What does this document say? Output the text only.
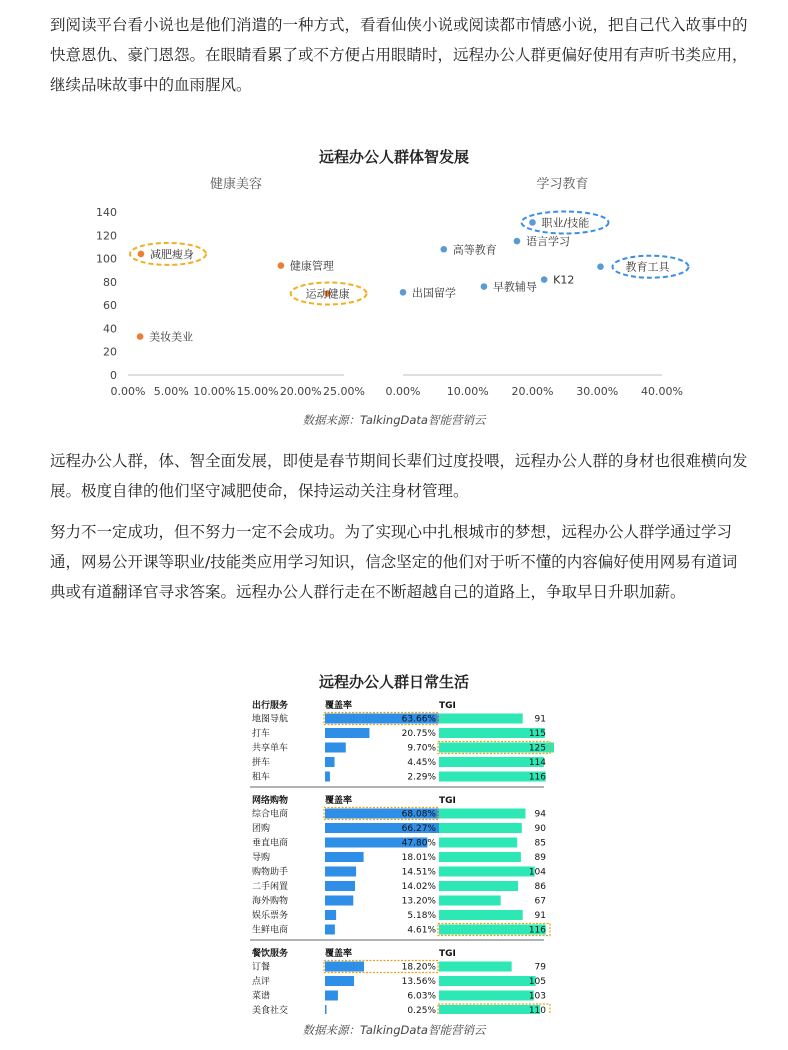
到阅读平台看小说也是他们消遣的一种方式，看看仙侠小说或阅读都市情感小说，把自己代入故事中的快意恩仇、豪门恩怨。在眼睛看累了或不方便占用眼睛时，远程办公人群更偏好使用有声听书类应用，继续品味故事中的血雨腥风。

远程办公人群体智发展
0
20
40
60
80
100
120
140
健康美容
0.00% 5.00% 10.00% 15.00% 20.00% 25.00%
减肥瘦身
健康管理
运动健康
美妆美业
学习教育
0.00% 10.00% 20.00% 30.00% 40.00%
职业/技能
语言学习
高等教育
教育工具
K12
早教辅导
出国留学
数据来源：TalkingData智能营销云

远程办公人群，体、智全面发展，即使是春节期间长辈们过度投喂，远程办公人群的身材也很难横向发展。极度自律的他们坚守减肥使命，保持运动关注身材管理。

努力不一定成功，但不努力一定不会成功。为了实现心中扎根城市的梦想，远程办公人群学通过学习通，网易公开课等职业/技能类应用学习知识，信念坚定的他们对于听不懂的内容偏好使用网易有道词典或有道翻译官寻求答案。远程办公人群行走在不断超越自己的道路上，争取早日升职加薪。

远程办公人群日常生活
出行服务	覆盖率	TGI
地图导航	63.66%	91
打车	20.75%	115
共享单车	9.70%	125
拼车	4.45%	114
租车	2.29%	116
网络购物	覆盖率	TGI
综合电商	68.08%	94
团购	66.27%	90
垂直电商	47.80%	85
导购	18.01%	89
购物助手	14.51%	104
二手闲置	14.02%	86
海外购物	13.20%	67
娱乐票务	5.18%	91
生鲜电商	4.61%	116
餐饮服务	覆盖率	TGI
订餐	18.20%	79
点评	13.56%	105
菜谱	6.03%	103
美食社交	0.25%	110
数据来源：TalkingData智能营销云
